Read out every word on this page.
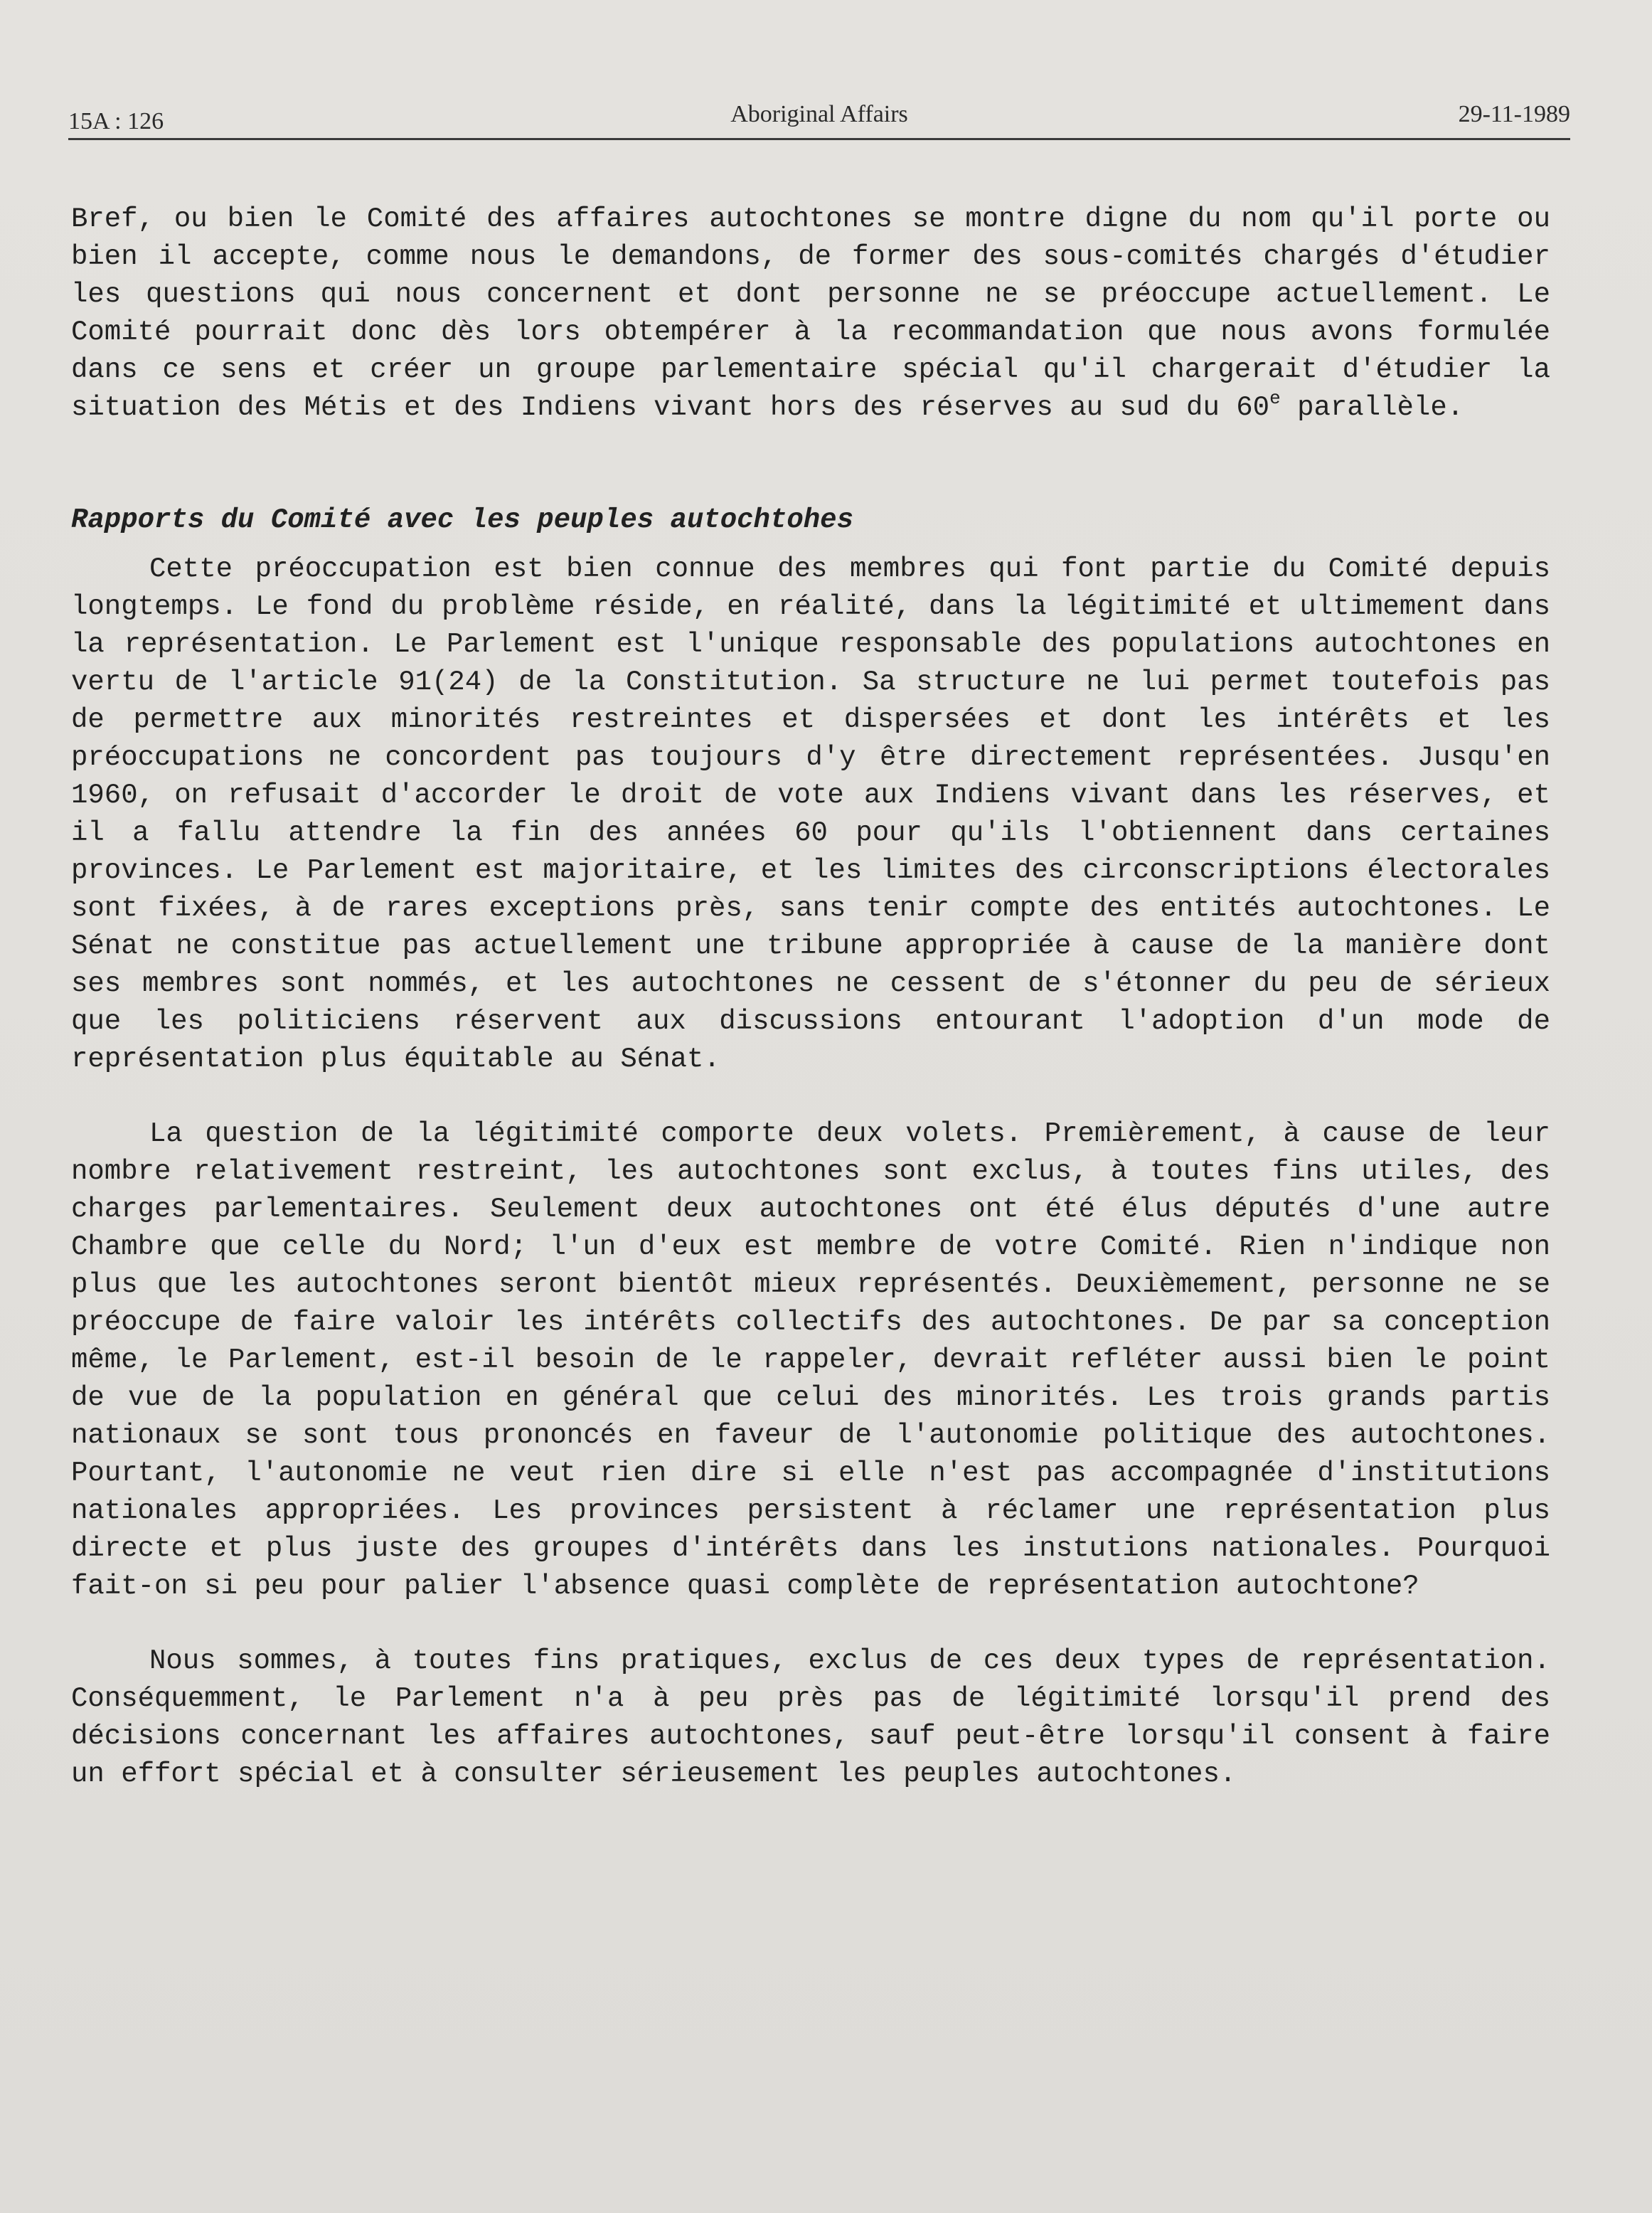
15A : 126	Aboriginal Affairs	29-11-1989

Bref, ou bien le Comité des affaires autochtones se montre digne du nom qu'il porte ou bien il accepte, comme nous le demandons, de former des sous-comités chargés d'étudier les questions qui nous concernent et dont personne ne se préoccupe actuellement. Le Comité pourrait donc dès lors obtempérer à la recommandation que nous avons formulée dans ce sens et créer un groupe parlementaire spécial qu'il chargerait d'étudier la situation des Métis et des Indiens vivant hors des réserves au sud du 60e parallèle.

Rapports du Comité avec les peuples autochtohes

Cette préoccupation est bien connue des membres qui font partie du Comité depuis longtemps. Le fond du problème réside, en réalité, dans la légitimité et ultimement dans la représentation. Le Parlement est l'unique responsable des populations autochtones en vertu de l'article 91(24) de la Constitution. Sa structure ne lui permet toutefois pas de permettre aux minorités restreintes et dispersées et dont les intérêts et les préoccupations ne concordent pas toujours d'y être directement représentées. Jusqu'en 1960, on refusait d'accorder le droit de vote aux Indiens vivant dans les réserves, et il a fallu attendre la fin des années 60 pour qu'ils l'obtiennent dans certaines provinces. Le Parlement est majoritaire, et les limites des circonscriptions électorales sont fixées, à de rares exceptions près, sans tenir compte des entités autochtones. Le Sénat ne constitue pas actuellement une tribune appropriée à cause de la manière dont ses membres sont nommés, et les autochtones ne cessent de s'étonner du peu de sérieux que les politiciens réservent aux discussions entourant l'adoption d'un mode de représentation plus équitable au Sénat.

La question de la légitimité comporte deux volets. Premièrement, à cause de leur nombre relativement restreint, les autochtones sont exclus, à toutes fins utiles, des charges parlementaires. Seulement deux autochtones ont été élus députés d'une autre Chambre que celle du Nord; l'un d'eux est membre de votre Comité. Rien n'indique non plus que les autochtones seront bientôt mieux représentés. Deuxièmement, personne ne se préoccupe de faire valoir les intérêts collectifs des autochtones. De par sa conception même, le Parlement, est-il besoin de le rappeler, devrait refléter aussi bien le point de vue de la population en général que celui des minorités. Les trois grands partis nationaux se sont tous prononcés en faveur de l'autonomie politique des autochtones. Pourtant, l'autonomie ne veut rien dire si elle n'est pas accompagnée d'institutions nationales appropriées. Les provinces persistent à réclamer une représentation plus directe et plus juste des groupes d'intérêts dans les instutions nationales. Pourquoi fait-on si peu pour palier l'absence quasi complète de représentation autochtone?

Nous sommes, à toutes fins pratiques, exclus de ces deux types de représentation. Conséquemment, le Parlement n'a à peu près pas de légitimité lorsqu'il prend des décisions concernant les affaires autochtones, sauf peut-être lorsqu'il consent à faire un effort spécial et à consulter sérieusement les peuples autochtones.
